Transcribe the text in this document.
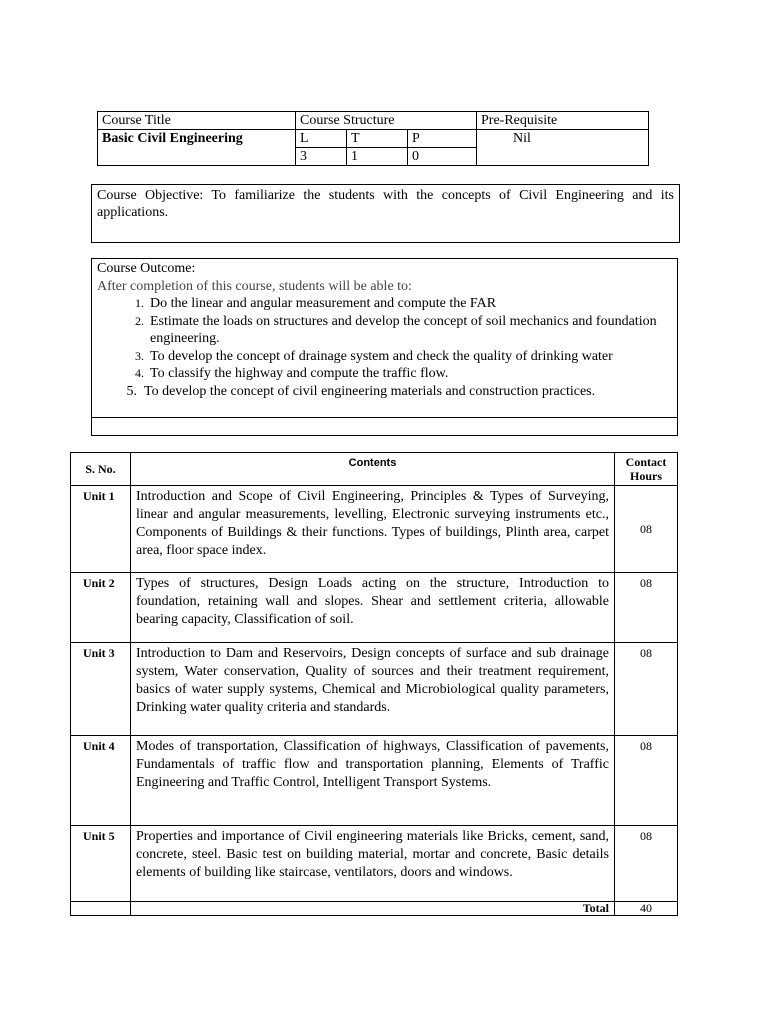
Course Title	Course Structure			Pre-Requisite
Basic Civil Engineering	L	T	P	Nil
	3	1	0	
Course Objective: To familiarize the students with the concepts of Civil Engineering and its applications.
Course Outcome:
After completion of this course, students will be able to:
1. Do the linear and angular measurement and compute the FAR
2. Estimate the loads on structures and develop the concept of soil mechanics and foundation engineering.
3. To develop the concept of drainage system and check the quality of drinking water
4. To classify the highway and compute the traffic flow.
5. To develop the concept of civil engineering materials and construction practices.
S. No.	Contents	Contact Hours
Unit 1	Introduction and Scope of Civil Engineering, Principles & Types of Surveying, linear and angular measurements, levelling, Electronic surveying instruments etc., Components of Buildings & their functions. Types of buildings, Plinth area, carpet area, floor space index.	08
Unit 2	Types of structures, Design Loads acting on the structure, Introduction to foundation, retaining wall and slopes. Shear and settlement criteria, allowable bearing capacity, Classification of soil.	08
Unit 3	Introduction to Dam and Reservoirs, Design concepts of surface and sub drainage system, Water conservation, Quality of sources and their treatment requirement, basics of water supply systems, Chemical and Microbiological quality parameters, Drinking water quality criteria and standards.	08
Unit 4	Modes of transportation, Classification of highways, Classification of pavements, Fundamentals of traffic flow and transportation planning, Elements of Traffic Engineering and Traffic Control, Intelligent Transport Systems.	08
Unit 5	Properties and importance of Civil engineering materials like Bricks, cement, sand, concrete, steel. Basic test on building material, mortar and concrete, Basic details elements of building like staircase, ventilators, doors and windows.	08
	Total	40
